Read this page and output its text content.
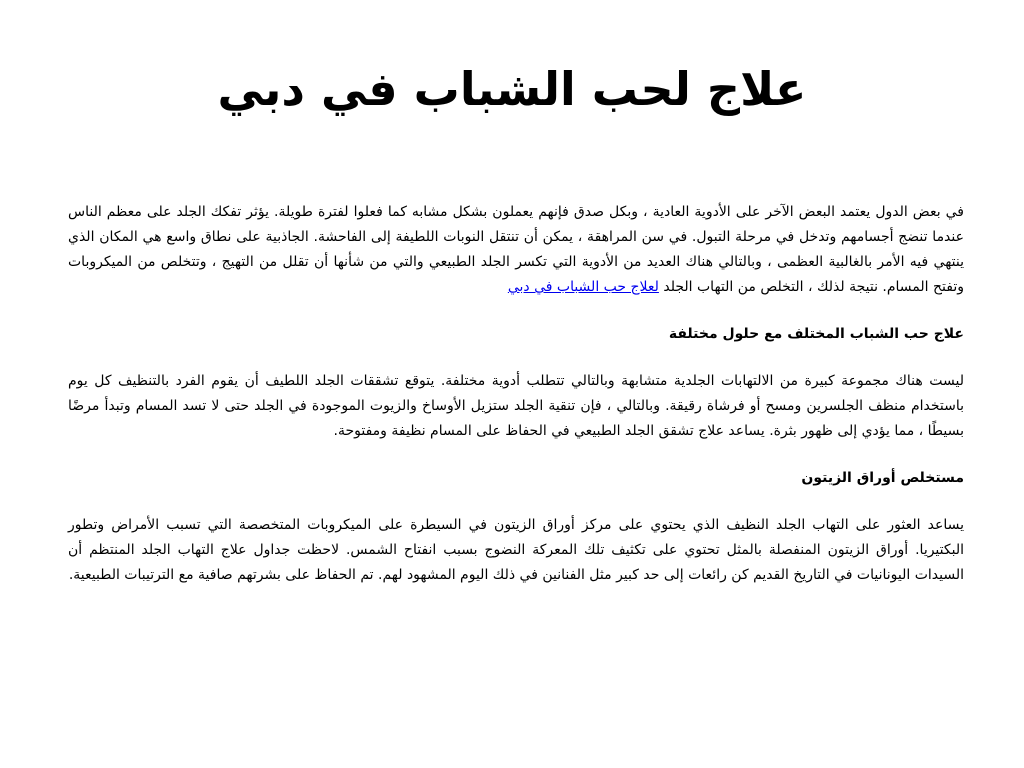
علاج لحب الشباب في دبي

في بعض الدول يعتمد البعض الآخر على الأدوية العادية ، وبكل صدق فإنهم يعملون بشكل مشابه كما فعلوا لفترة طويلة. يؤثر تفكك الجلد على معظم الناس عندما تنضج أجسامهم وتدخل في مرحلة التبول. في سن المراهقة ، يمكن أن تنتقل النوبات اللطيفة إلى الفاحشة. الجاذبية على نطاق واسع هي المكان الذي ينتهي فيه الأمر بالغالبية العظمى ، وبالتالي هناك العديد من الأدوية التي تكسر الجلد الطبيعي والتي من شأنها أن تقلل من التهيج ، وتتخلص من الميكروبات وتفتح المسام. نتيجة لذلك ، التخلص من التهاب الجلد لعلاج حب الشباب في دبي

علاج حب الشباب المختلف مع حلول مختلفة

ليست هناك مجموعة كبيرة من الالتهابات الجلدية متشابهة وبالتالي تتطلب أدوية مختلفة. يتوقع تشققات الجلد اللطيف أن يقوم الفرد بالتنظيف كل يوم باستخدام منظف الجلسرين ومسح أو فرشاة رقيقة. وبالتالي ، فإن تنقية الجلد ستزيل الأوساخ والزيوت الموجودة في الجلد حتى لا تسد المسام وتبدأ مرضًا بسيطًا ، مما يؤدي إلى ظهور بثرة. يساعد علاج تشقق الجلد الطبيعي في الحفاظ على المسام نظيفة ومفتوحة.

مستخلص أوراق الزيتون

يساعد العثور على التهاب الجلد النظيف الذي يحتوي على مركز أوراق الزيتون في السيطرة على الميكروبات المتخصصة التي تسبب الأمراض وتطور البكتيريا. أوراق الزيتون المنفصلة بالمثل تحتوي على تكثيف تلك المعركة النضوج بسبب انفتاح الشمس. لاحظت جداول علاج التهاب الجلد المنتظم أن السيدات اليونانيات في التاريخ القديم كن رائعات إلى حد كبير مثل الفنانين في ذلك اليوم المشهود لهم. تم الحفاظ على بشرتهم صافية مع الترتيبات الطبيعية.
